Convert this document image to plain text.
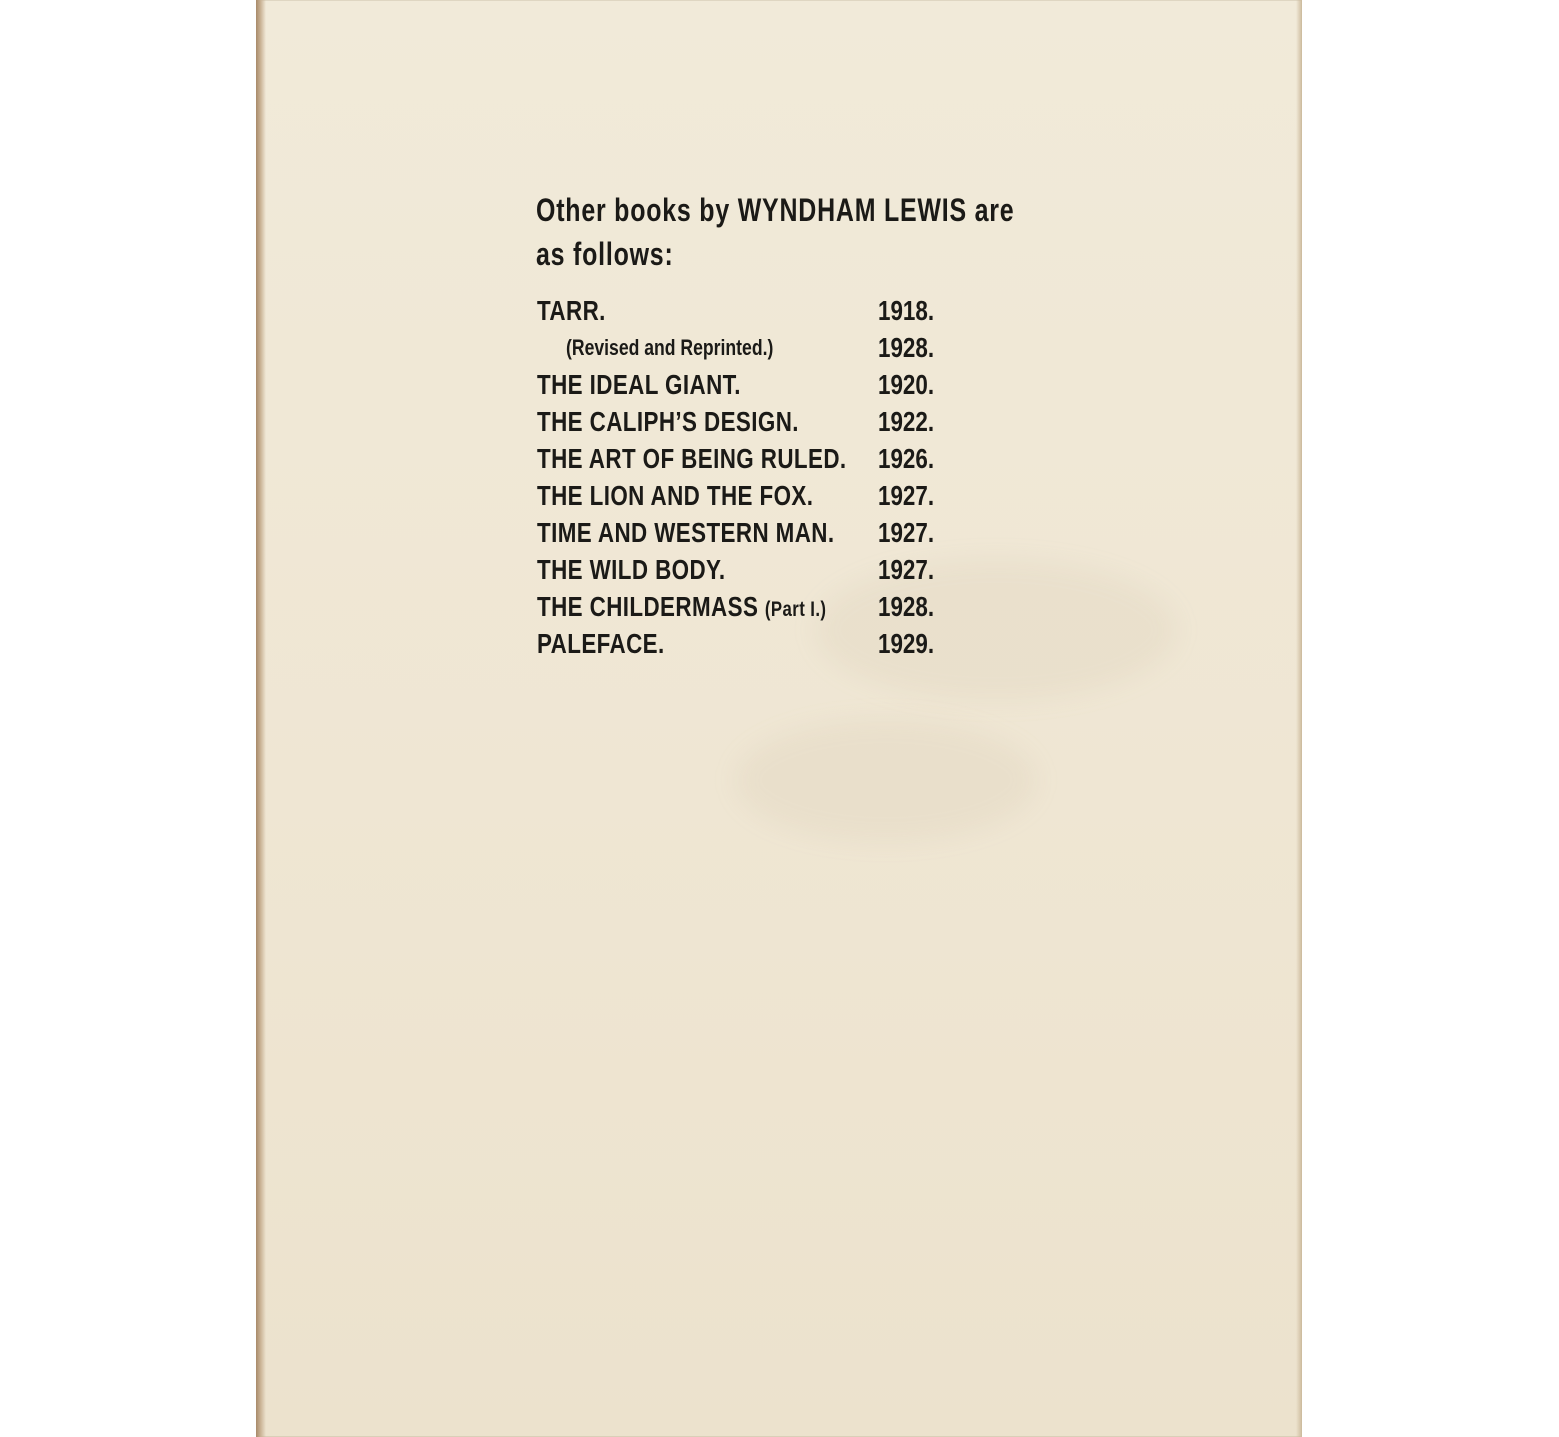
Other books by WYNDHAM LEWIS are
as follows:
TARR.	1918.
(Revised and Reprinted.)	1928.
THE IDEAL GIANT.	1920.
THE CALIPH’S DESIGN.	1922.
THE ART OF BEING RULED. 1926.
THE LION AND THE FOX. 1927.
TIME AND WESTERN MAN. 1927.
THE WILD BODY.	1927.
THE CHILDERMASS (Part I.) 1928.
PALEFACE.	1929.
